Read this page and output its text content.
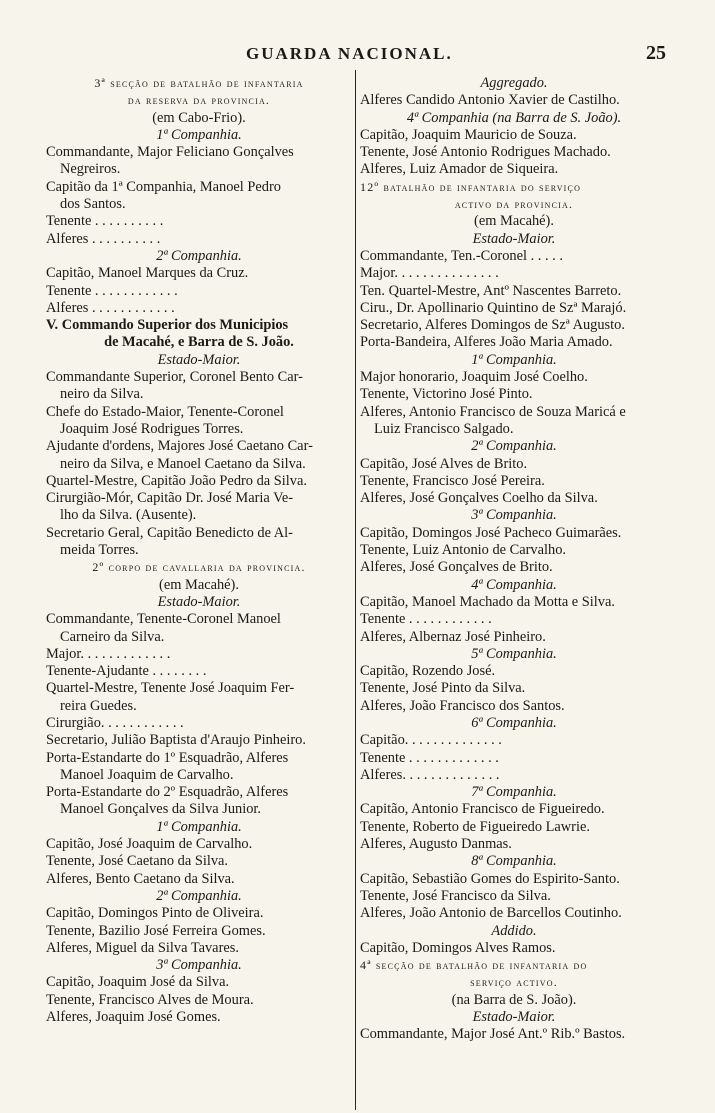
GUARDA NACIONAL.	25
3ª secção de batalhão de infantaria
da reserva da provincia.
(em Cabo-Frio).
1ª Companhia.
Commandante, Major Feliciano Gonçalves
Negreiros.
Capitão da 1ª Companhia, Manoel Pedro
dos Santos.
Tenente . . . . . . . . . .
Alferes . . . . . . . . . .
2ª Companhia.
Capitão, Manoel Marques da Cruz.
Tenente . . . . . . . . . . . .
Alferes . . . . . . . . . . . .
V. Commando Superior dos Municipios
de Macahé, e Barra de S. João.
Estado-Maior.
Commandante Superior, Coronel Bento Car-
neiro da Silva.
Chefe do Estado-Maior, Tenente-Coronel
Joaquim José Rodrigues Torres.
Ajudante d'ordens, Majores José Caetano Car-
neiro da Silva, e Manoel Caetano da Silva.
Quartel-Mestre, Capitão João Pedro da Silva.
Cirurgião-Mór, Capitão Dr. José Maria Ve-
lho da Silva. (Ausente).
Secretario Geral, Capitão Benedicto de Al-
meida Torres.
2º corpo de cavallaria da provincia.
(em Macahé).
Estado-Maior.
Commandante, Tenente-Coronel Manoel
Carneiro da Silva.
Major. . . . . . . . . . . . .
Tenente-Ajudante . . . . . . . .
Quartel-Mestre, Tenente José Joaquim Fer-
reira Guedes.
Cirurgião. . . . . . . . . . . .
Secretario, Julião Baptista d'Araujo Pinheiro.
Porta-Estandarte do 1º Esquadrão, Alferes
Manoel Joaquim de Carvalho.
Porta-Estandarte do 2º Esquadrão, Alferes
Manoel Gonçalves da Silva Junior.
1ª Companhia.
Capitão, José Joaquim de Carvalho.
Tenente, José Caetano da Silva.
Alferes, Bento Caetano da Silva.
2ª Companhia.
Capitão, Domingos Pinto de Oliveira.
Tenente, Bazilio José Ferreira Gomes.
Alferes, Miguel da Silva Tavares.
3ª Companhia.
Capitão, Joaquim José da Silva.
Tenente, Francisco Alves de Moura.
Alferes, Joaquim José Gomes.
Aggregado.
Alferes Candido Antonio Xavier de Castilho.
4ª Companhia (na Barra de S. João).
Capitão, Joaquim Mauricio de Souza.
Tenente, José Antonio Rodrigues Machado.
Alferes, Luiz Amador de Siqueira.
12º batalhão de infantaria do serviço
activo da provincia.
(em Macahé).
Estado-Maior.
Commandante, Ten.-Coronel . . . . .
Major. . . . . . . . . . . . . . .
Ten. Quartel-Mestre, Antº Nascentes Barreto.
Ciru., Dr. Apollinario Quintino de Szª Marajó.
Secretario, Alferes Domingos de Szª Augusto.
Porta-Bandeira, Alferes João Maria Amado.
1ª Companhia.
Major honorario, Joaquim José Coelho.
Tenente, Victorino José Pinto.
Alferes, Antonio Francisco de Souza Maricá e
Luiz Francisco Salgado.
2ª Companhia.
Capitão, José Alves de Brito.
Tenente, Francisco José Pereira.
Alferes, José Gonçalves Coelho da Silva.
3ª Companhia.
Capitão, Domingos José Pacheco Guimarães.
Tenente, Luiz Antonio de Carvalho.
Alferes, José Gonçalves de Brito.
4ª Companhia.
Capitão, Manoel Machado da Motta e Silva.
Tenente . . . . . . . . . . . .
Alferes, Albernaz José Pinheiro.
5ª Companhia.
Capitão, Rozendo José.
Tenente, José Pinto da Silva.
Alferes, João Francisco dos Santos.
6ª Companhia.
Capitão. . . . . . . . . . . . . .
Tenente . . . . . . . . . . . . .
Alferes. . . . . . . . . . . . . .
7ª Companhia.
Capitão, Antonio Francisco de Figueiredo.
Tenente, Roberto de Figueiredo Lawrie.
Alferes, Augusto Danmas.
8ª Companhia.
Capitão, Sebastião Gomes do Espirito-Santo.
Tenente, José Francisco da Silva.
Alferes, João Antonio de Barcellos Coutinho.
Addido.
Capitão, Domingos Alves Ramos.
4ª secção de batalhão de infantaria do
serviço activo.
(na Barra de S. João).
Estado-Maior.
Commandante, Major José Ant.º Rib.º Bastos.
